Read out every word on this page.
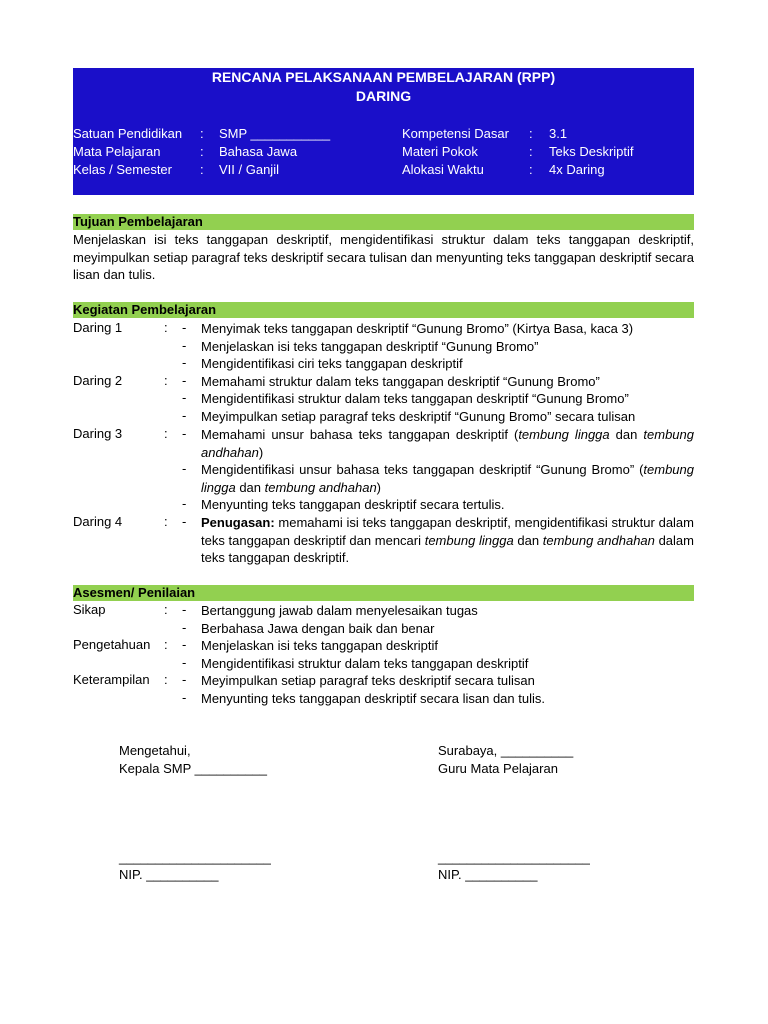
RENCANA PELAKSANAAN PEMBELAJARAN (RPP)
DARING
Satuan Pendidikan : SMP ___________	Kompetensi Dasar : 3.1
Mata Pelajaran	: Bahasa Jawa	Materi Pokok	: Teks Deskriptif
Kelas / Semester : VII / Ganjil	Alokasi Waktu	: 4x Daring
Tujuan Pembelajaran
Menjelaskan isi teks tanggapan deskriptif, mengidentifikasi struktur dalam teks tanggapan deskriptif, meyimpulkan setiap paragraf teks deskriptif secara tulisan dan menyunting teks tanggapan deskriptif secara lisan dan tulis.
Kegiatan Pembelajaran
Daring 1	: - Menyimak teks tanggapan deskriptif “Gunung Bromo” (Kirtya Basa, kaca 3)
- Menjelaskan isi teks tanggapan deskriptif “Gunung Bromo”
- Mengidentifikasi ciri teks tanggapan deskriptif
Daring 2	: - Memahami struktur dalam teks tanggapan deskriptif “Gunung Bromo”
- Mengidentifikasi struktur dalam teks tanggapan deskriptif “Gunung Bromo”
- Meyimpulkan setiap paragraf teks deskriptif “Gunung Bromo” secara tulisan
Daring 3	: - Memahami unsur bahasa teks tanggapan deskriptif (tembung lingga dan tembung andhahan)
- Mengidentifikasi unsur bahasa teks tanggapan deskriptif “Gunung Bromo” (tembung lingga dan tembung andhahan)
- Menyunting teks tanggapan deskriptif secara tertulis.
Daring 4	: - Penugasan: memahami isi teks tanggapan deskriptif, mengidentifikasi struktur dalam teks tanggapan deskriptif dan mencari tembung lingga dan tembung andhahan dalam teks tanggapan deskriptif.
Asesmen/ Penilaian
Sikap	: - Bertanggung jawab dalam menyelesaikan tugas
- Berbahasa Jawa dengan baik dan benar
Pengetahuan : - Menjelaskan isi teks tanggapan deskriptif
- Mengidentifikasi struktur dalam teks tanggapan deskriptif
Keterampilan : - Meyimpulkan setiap paragraf teks deskriptif secara tulisan
- Menyunting teks tanggapan deskriptif secara lisan dan tulis.
Mengetahui,
Kepala SMP __________
_____________________
NIP. __________
Surabaya, __________
Guru Mata Pelajaran
_____________________
NIP. __________
